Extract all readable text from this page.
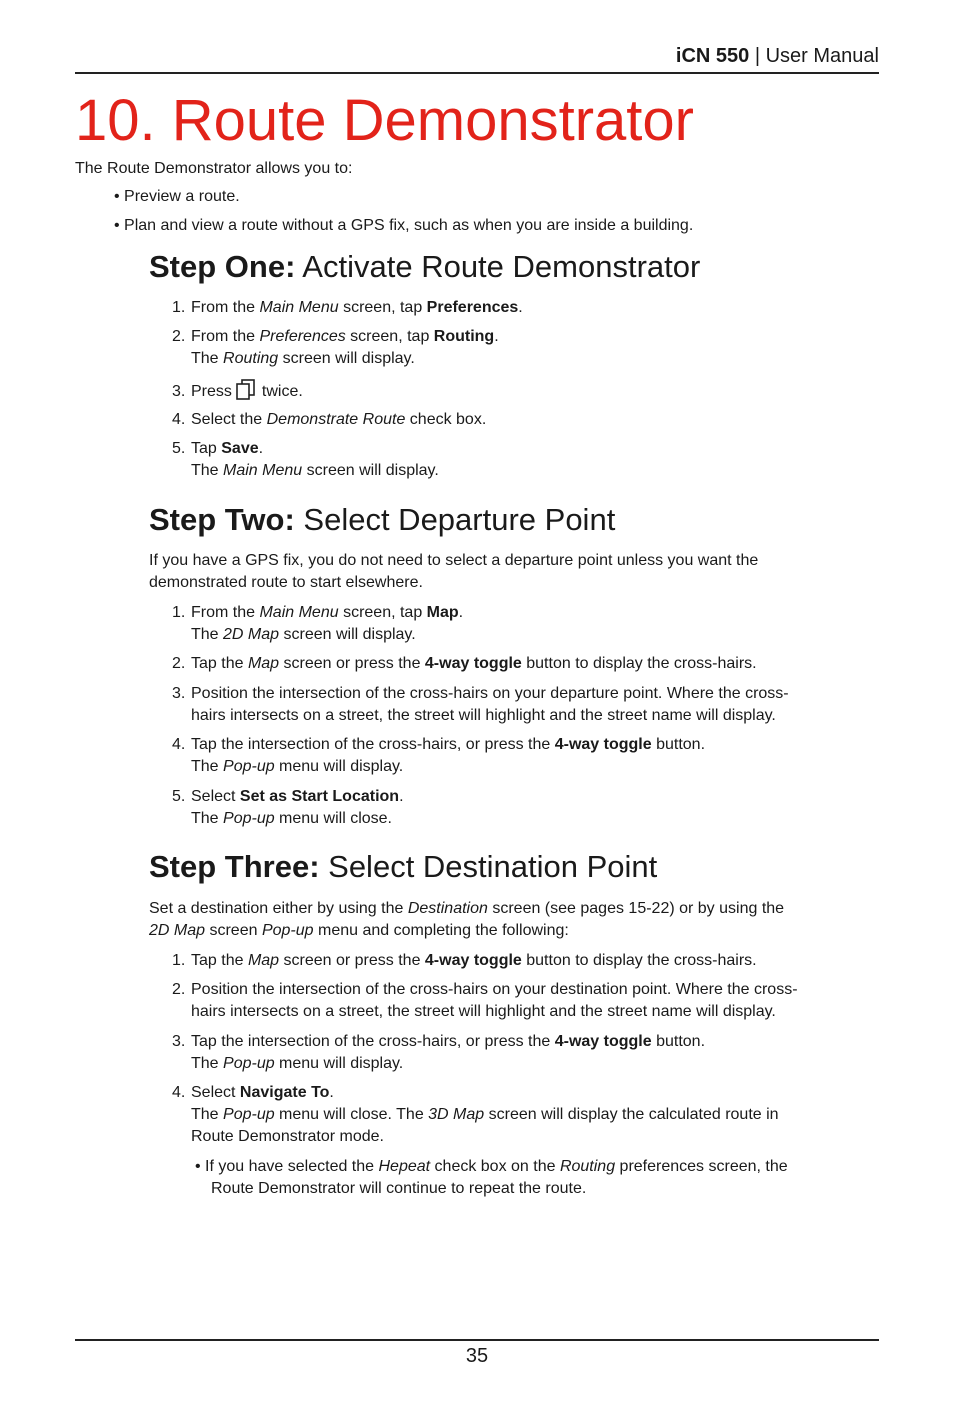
iCN 550 | User Manual
10. Route Demonstrator
The Route Demonstrator allows you to:
• Preview a route.
• Plan and view a route without a GPS fix, such as when you are inside a building.
Step One: Activate Route Demonstrator
1. From the Main Menu screen, tap Preferences.
2. From the Preferences screen, tap Routing.
The Routing screen will display.
3. Press twice.
4. Select the Demonstrate Route check box.
5. Tap Save.
The Main Menu screen will display.
Step Two: Select Departure Point
If you have a GPS fix, you do not need to select a departure point unless you want the
demonstrated route to start elsewhere.
1. From the Main Menu screen, tap Map.
The 2D Map screen will display.
2. Tap the Map screen or press the 4-way toggle button to display the cross-hairs.
3. Position the intersection of the cross-hairs on your departure point. Where the cross-
hairs intersects on a street, the street will highlight and the street name will display.
4. Tap the intersection of the cross-hairs, or press the 4-way toggle button.
The Pop-up menu will display.
5. Select Set as Start Location.
The Pop-up menu will close.
Step Three: Select Destination Point
Set a destination either by using the Destination screen (see pages 15-22) or by using the
2D Map screen Pop-up menu and completing the following:
1. Tap the Map screen or press the 4-way toggle button to display the cross-hairs.
2. Position the intersection of the cross-hairs on your destination point. Where the cross-
hairs intersects on a street, the street will highlight and the street name will display.
3. Tap the intersection of the cross-hairs, or press the 4-way toggle button.
The Pop-up menu will display.
4. Select Navigate To.
The Pop-up menu will close. The 3D Map screen will display the calculated route in
Route Demonstrator mode.
• If you have selected the Hepeat check box on the Routing preferences screen, the
Route Demonstrator will continue to repeat the route.
35
